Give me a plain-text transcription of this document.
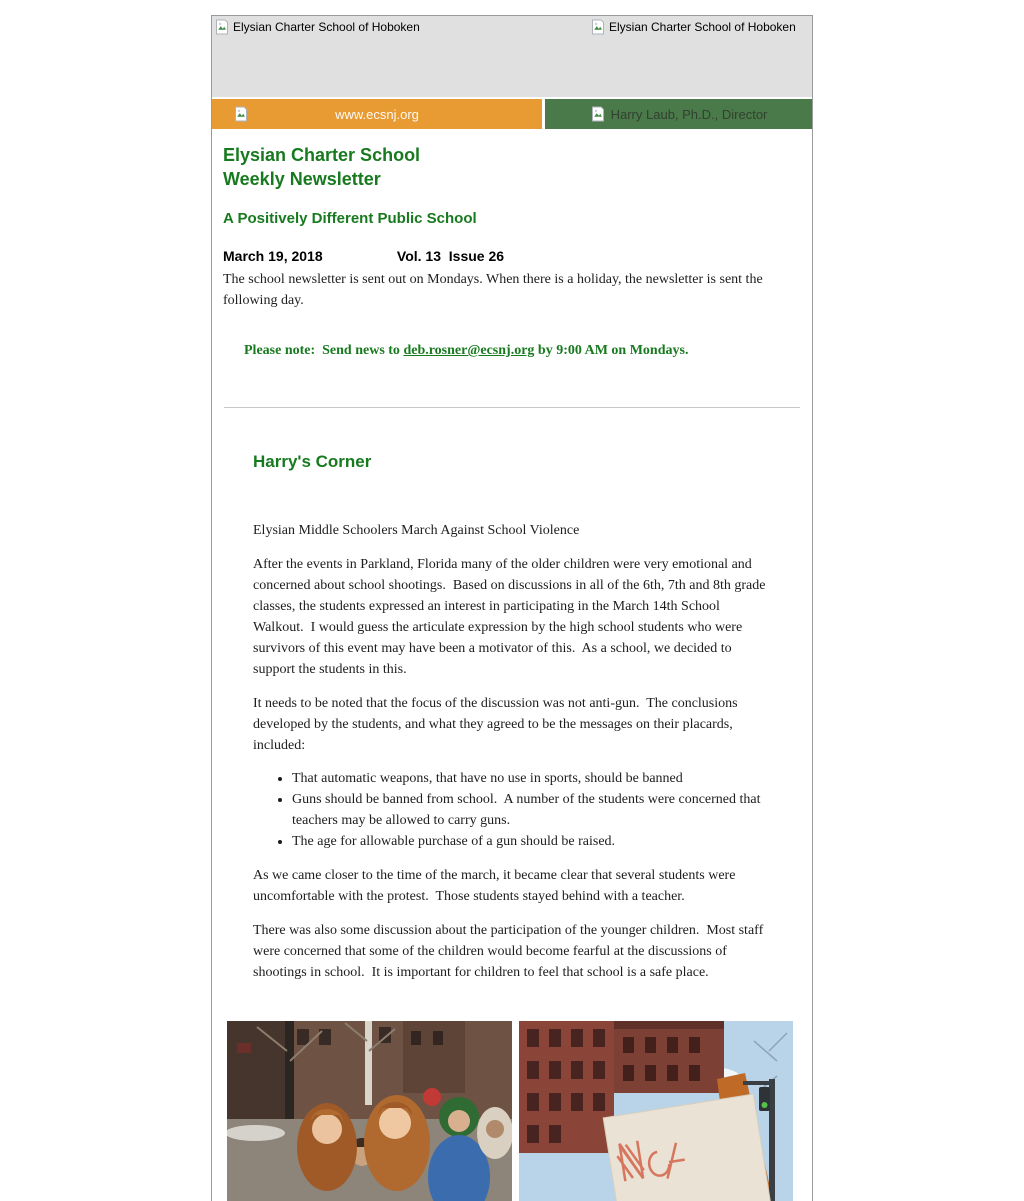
Elysian Charter School of Hoboken	Elysian Charter School of Hoboken
www.ecsnj.org	Harry Laub, Ph.D., Director
Elysian Charter School
Weekly Newsletter
A Positively Different Public School
March 19, 2018	Vol. 13  Issue 26

The school newsletter is sent out on Mondays. When there is a holiday, the newsletter is sent the following day.

Please note:  Send news to deb.rosner@ecsnj.org by 9:00 AM on Mondays.

Harry's Corner

Elysian Middle Schoolers March Against School Violence

After the events in Parkland, Florida many of the older children were very emotional and concerned about school shootings.  Based on discussions in all of the 6th, 7th and 8th grade classes, the students expressed an interest in participating in the March 14th School Walkout.  I would guess the articulate expression by the high school students who were survivors of this event may have been a motivator of this.  As a school, we decided to support the students in this.

It needs to be noted that the focus of the discussion was not anti-gun.  The conclusions developed by the students, and what they agreed to be the messages on their placards, included:

• That automatic weapons, that have no use in sports, should be banned
• Guns should be banned from school.  A number of the students were concerned that teachers may be allowed to carry guns.
• The age for allowable purchase of a gun should be raised.

As we came closer to the time of the march, it became clear that several students were uncomfortable with the protest.  Those students stayed behind with a teacher.

There was also some discussion about the participation of the younger children.  Most staff were concerned that some of the children would become fearful at the discussions of shootings in school.  It is important for children to feel that school is a safe place.
